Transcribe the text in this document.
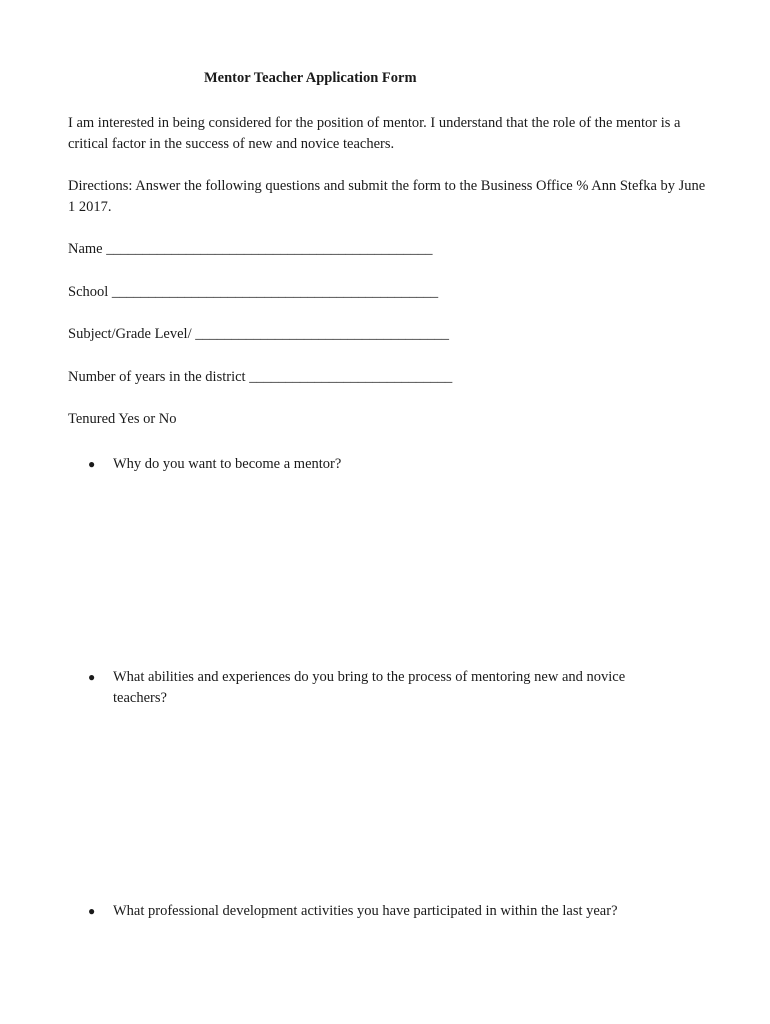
Mentor Teacher Application Form
I am interested in being considered for the position of mentor. I understand that the role of the mentor is a critical factor in the success of new and novice teachers.
Directions: Answer the following questions and submit the form to the Business Office % Ann Stefka by June 1 2017.
Name _____________________________________________
School _____________________________________________
Subject/Grade Level/ ___________________________________
Number of years in the district ____________________________
Tenured Yes or No
● Why do you want to become a mentor?
● What abilities and experiences do you bring to the process of mentoring new and novice teachers?
● What professional development activities you have participated in within the last year?
